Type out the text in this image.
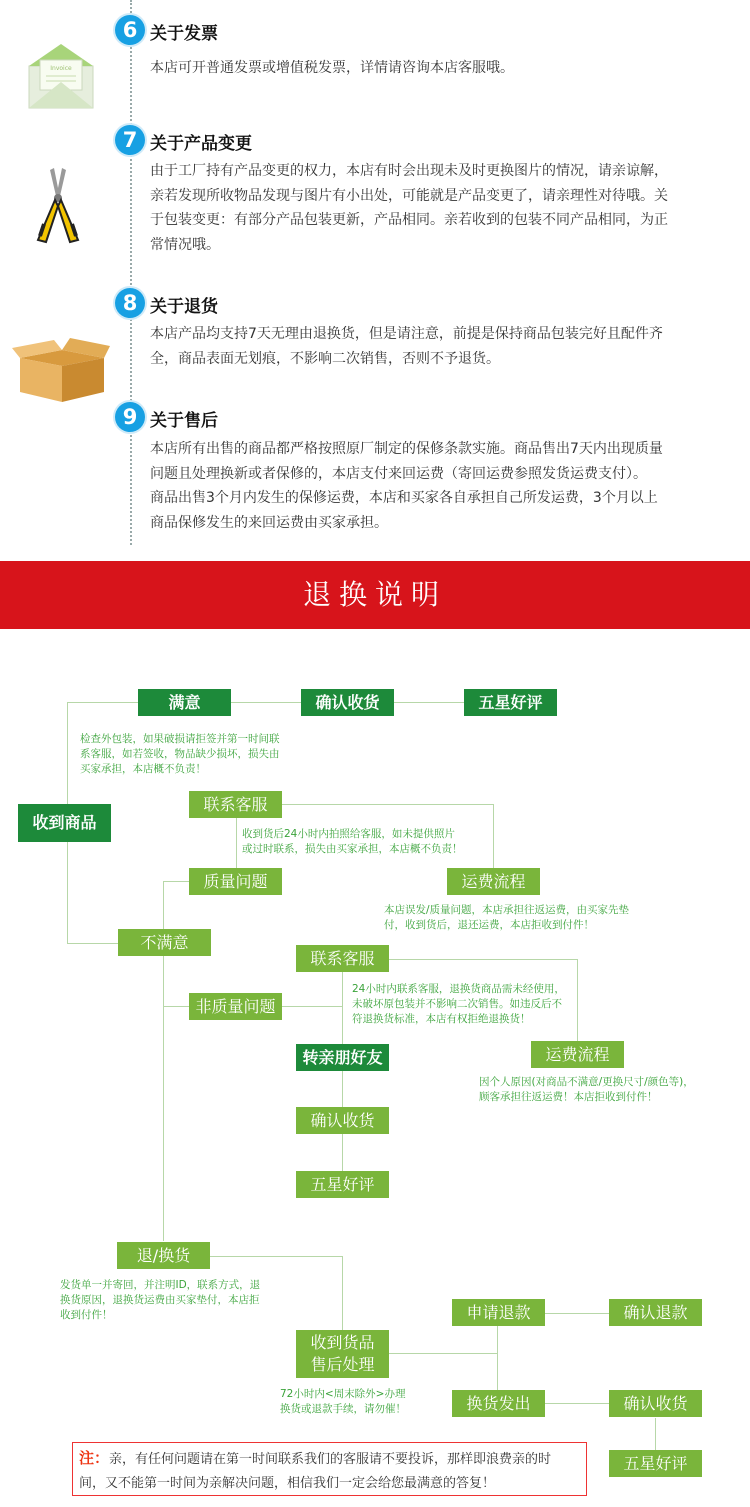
6 关于发票
本店可开普通发票或增值税发票，详情请咨询本店客服哦。
Invoice
7 关于产品变更
由于工厂持有产品变更的权力，本店有时会出现未及时更换图片的情况，请亲谅解，
亲若发现所收物品发现与图片有小出处，可能就是产品变更了，请亲理性对待哦。关
于包装变更：有部分产品包装更新，产品相同。亲若收到的包装不同产品相同，为正
常情况哦。
8 关于退货
本店产品均支持7天无理由退换货，但是请注意，前提是保持商品包装完好且配件齐
全，商品表面无划痕，不影响二次销售，否则不予退货。
9 关于售后
本店所有出售的商品都严格按照原厂制定的保修条款实施。商品售出7天内出现质量
问题且处理换新或者保修的，本店支付来回运费（寄回运费参照发货运费支付）。
商品出售3个月内发生的保修运费，本店和买家各自承担自己所发运费，3个月以上
商品保修发生的来回运费由买家承担。
退换说明
满意	确认收货	五星好评
检查外包装，如果破损请拒签并第一时间联
系客服，如若签收，物品缺少损坏，损失由
买家承担，本店概不负责！
收到商品
联系客服
收到货后24小时内拍照给客服，如未提供照片
或过时联系，损失由买家承担，本店概不负责！
质量问题	运费流程
本店误发/质量问题，本店承担往返运费，由买家先垫
付，收到货后，退还运费，本店拒收到付件！
不满意
联系客服
非质量问题
24小时内联系客服，退换货商品需未经使用，
未破坏原包装并不影响二次销售。如违反后不
符退换货标准，本店有权拒绝退换货！
转亲朋好友	运费流程
因个人原因(对商品不满意/更换尺寸/颜色等)，
顾客承担往返运费！本店拒收到付件！
确认收货
五星好评
退/换货
发货单一并寄回，并注明ID，联系方式，退
换货原因，退换货运费由买家垫付，本店拒
收到付件！
收到货品
售后处理
72小时内<周末除外>办理
换货或退款手续，请勿催！
申请退款	确认退款
换货发出	确认收货
五星好评
注：亲，有任何问题请在第一时间联系我们的客服请不要投诉，那样即浪费亲的时
间，又不能第一时间为亲解决问题，相信我们一定会给您最满意的答复！
